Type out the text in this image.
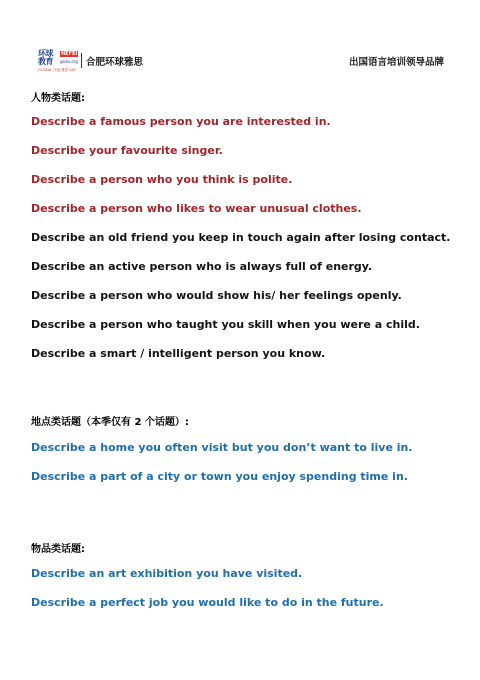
环球教育
HEFEI
gedu.org
GLOBAL 托福 雅思 SAT
合肥环球雅思	出国语言培训领导品牌
人物类话题:
Describe a famous person you are interested in.
Describe your favourite singer.
Describe a person who you think is polite.
Describe a person who likes to wear unusual clothes.
Describe an old friend you keep in touch again after losing contact.
Describe an active person who is always full of energy.
Describe a person who would show his/ her feelings openly.
Describe a person who taught you skill when you were a child.
Describe a smart / intelligent person you know.
地点类话题（本季仅有 2 个话题）:
Describe a home you often visit but you don’t want to live in.
Describe a part of a city or town you enjoy spending time in.
物品类话题:
Describe an art exhibition you have visited.
Describe a perfect job you would like to do in the future.
